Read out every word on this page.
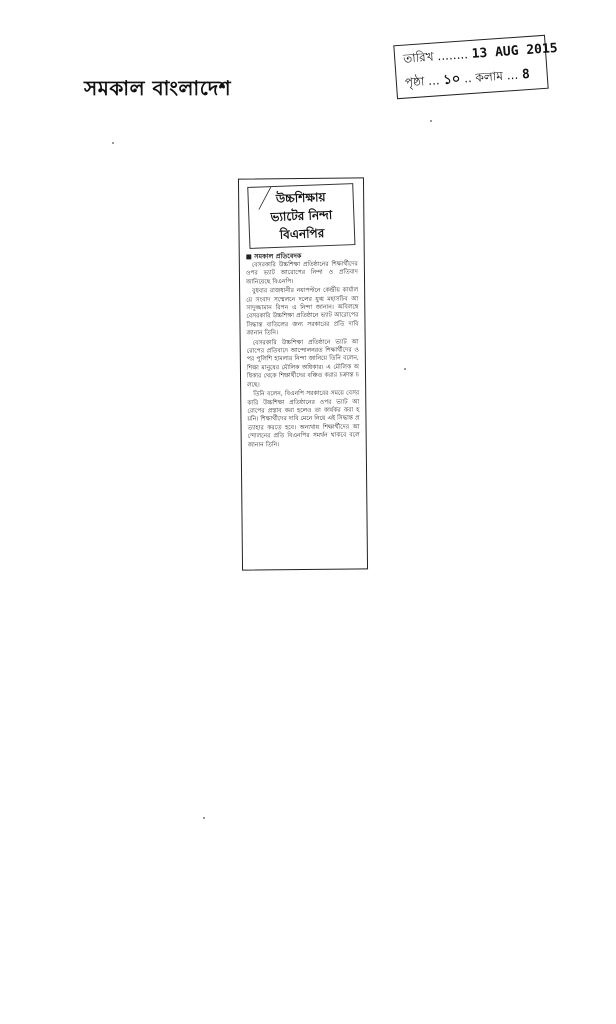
সমকাল বাংলাদেশ
তারিখ ........ 13 AUG 2015
পৃষ্ঠা ... ১০ .. কলাম ... 8
উচ্চশিক্ষায়
ভ্যাটের নিন্দা
বিএনপির
■ সমকাল প্রতিবেদক

বেসরকারি উচ্চশিক্ষা প্রতিষ্ঠানের শিক্ষার্থীদের ওপর ভ্যাট আরোপের নিন্দা ও প্রতিবাদ জানিয়েছে বিএনপি।

বুধবার রাজধানীর নয়াপল্টনে কেন্দ্রীয় কার্যালয়ে সংবাদ সম্মেলনে দলের যুগ্ম মহাসচিব আসাদুজ্জামান রিপন এ নিন্দা জানান। অবিলম্বে বেসরকারি উচ্চশিক্ষা প্রতিষ্ঠানে ভ্যাট আরোপের সিদ্ধান্ত বাতিলের জন্য সরকারের প্রতি দাবি জানান তিনি।

বেসরকারি উচ্চশিক্ষা প্রতিষ্ঠানে ভ্যাট আরোপের প্রতিবাদে আন্দোলনরত শিক্ষার্থীদের ওপর পুলিশি হামলার নিন্দা জানিয়ে তিনি বলেন, শিক্ষা মানুষের মৌলিক অধিকার। এ মৌলিক অধিকার থেকে শিক্ষার্থীদের বঞ্চিত করার চক্রান্ত চলছে।

তিনি বলেন, বিএনপি সরকারের সময়ে বেসরকারি উচ্চশিক্ষা প্রতিষ্ঠানের ওপর ভ্যাট আরোপের প্রস্তাব করা হলেও তা কার্যকর করা হয়নি। শিক্ষার্থীদের দাবি মেনে নিয়ে এই সিদ্ধান্ত প্রত্যাহার করতে হবে। অন্যথায় শিক্ষার্থীদের আন্দোলনের প্রতি বিএনপির সমর্থন থাকবে বলে জানান তিনি।
